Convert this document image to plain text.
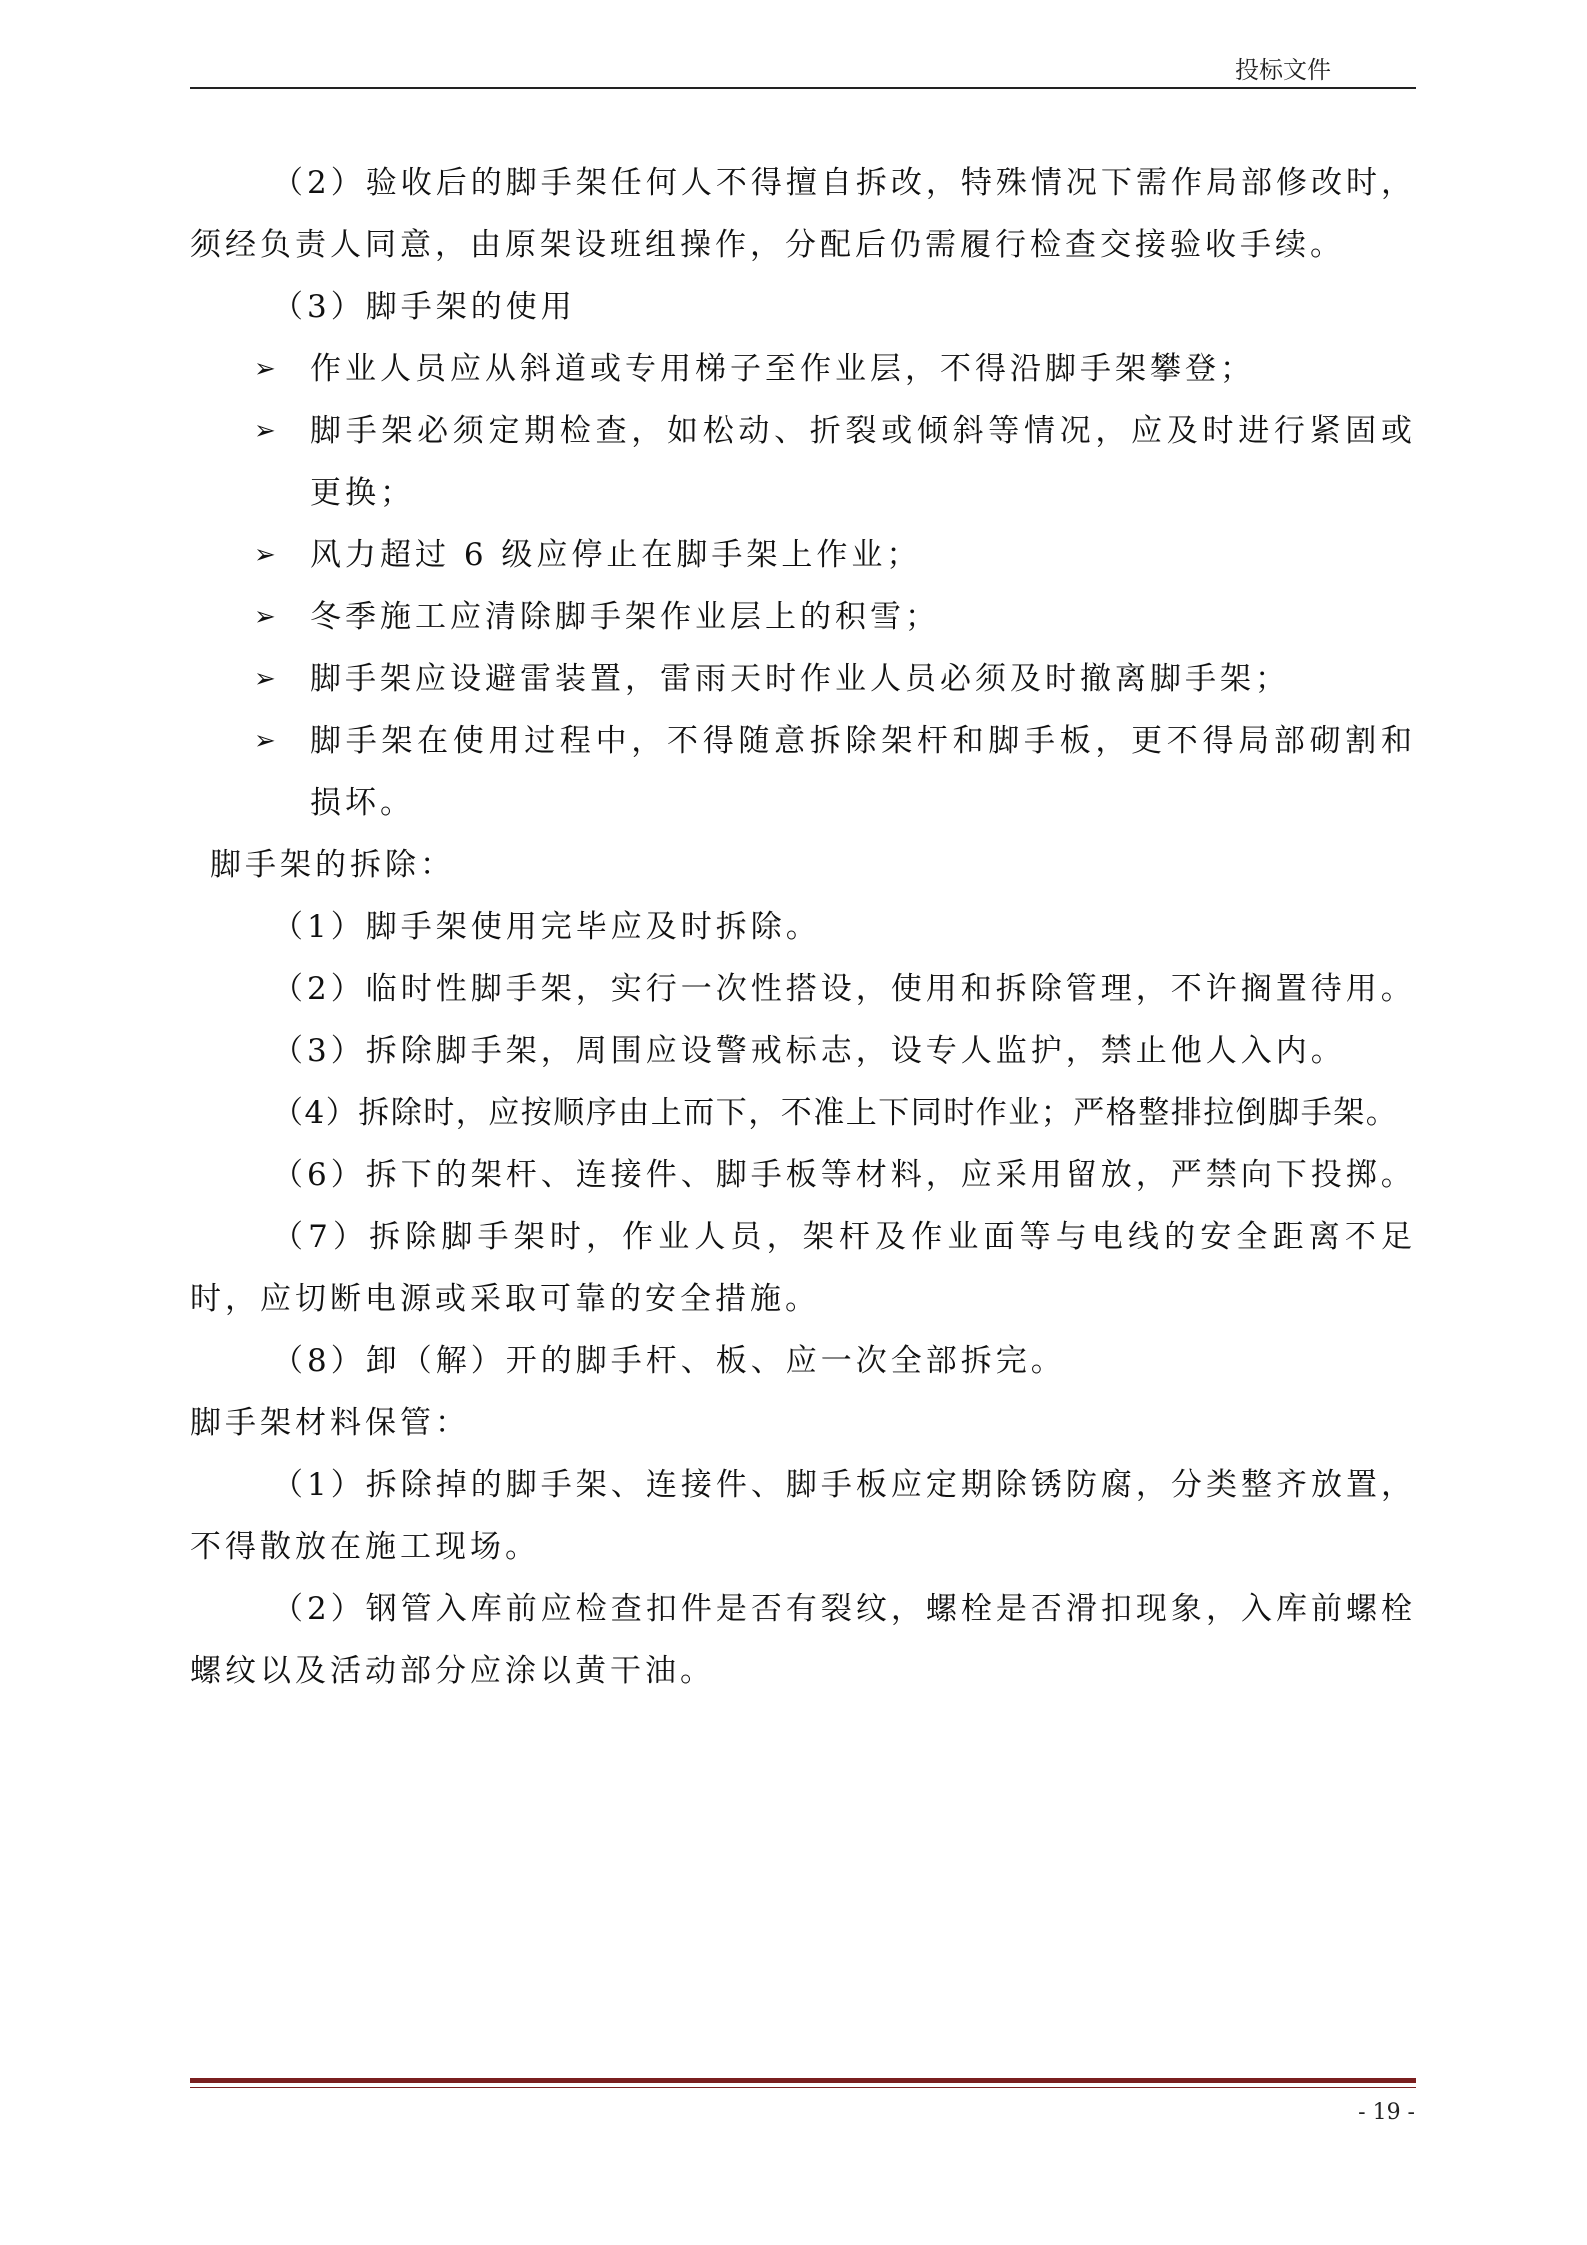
投标文件

（2）验收后的脚手架任何人不得擅自拆改，特殊情况下需作局部修改时，须经负责人同意，由原架设班组操作，分配后仍需履行检查交接验收手续。

（3）脚手架的使用

➢ 作业人员应从斜道或专用梯子至作业层，不得沿脚手架攀登；

➢ 脚手架必须定期检查，如松动、折裂或倾斜等情况，应及时进行紧固或更换；

➢ 风力超过 6 级应停止在脚手架上作业；

➢ 冬季施工应清除脚手架作业层上的积雪；

➢ 脚手架应设避雷装置，雷雨天时作业人员必须及时撤离脚手架；

➢ 脚手架在使用过程中，不得随意拆除架杆和脚手板，更不得局部砌割和损坏。

脚手架的拆除：

（1）脚手架使用完毕应及时拆除。

（2）临时性脚手架，实行一次性搭设，使用和拆除管理，不许搁置待用。

（3）拆除脚手架，周围应设警戒标志，设专人监护，禁止他人入内。

（4）拆除时，应按顺序由上而下，不准上下同时作业；严格整排拉倒脚手架。

（6）拆下的架杆、连接件、脚手板等材料，应采用留放，严禁向下投掷。

（7）拆除脚手架时，作业人员，架杆及作业面等与电线的安全距离不足时，应切断电源或采取可靠的安全措施。

（8）卸（解）开的脚手杆、板、应一次全部拆完。

脚手架材料保管：

（1）拆除掉的脚手架、连接件、脚手板应定期除锈防腐，分类整齐放置，不得散放在施工现场。

（2）钢管入库前应检查扣件是否有裂纹，螺栓是否滑扣现象，入库前螺栓螺纹以及活动部分应涂以黄干油。

- 19 -
